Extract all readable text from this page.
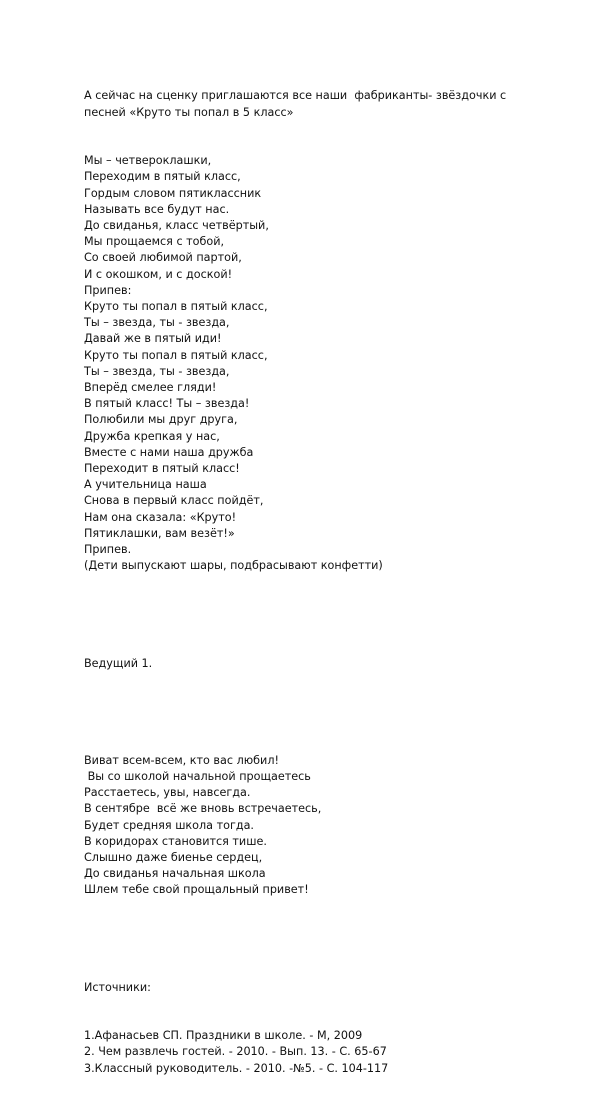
А сейчас на сценку приглашаются все наши  фабриканты- звёздочки с
песней «Круто ты попал в 5 класс»

Мы – четвероклашки,
Переходим в пятый класс,
Гордым словом пятиклассник
Называть все будут нас.
До свиданья, класс четвёртый,
Мы прощаемся с тобой,
Со своей любимой партой,
И с окошком, и с доской!
Припев:
Круто ты попал в пятый класс,
Ты – звезда, ты - звезда,
Давай же в пятый иди!
Круто ты попал в пятый класс,
Ты – звезда, ты - звезда,
Вперёд смелее гляди!
В пятый класс! Ты – звезда!
Полюбили мы друг друга,
Дружба крепкая у нас,
Вместе с нами наша дружба
Переходит в пятый класс!
А учительница наша
Снова в первый класс пойдёт,
Нам она сказала: «Круто!
Пятиклашки, вам везёт!»
Припев.
(Дети выпускают шары, подбрасывают конфетти)

Ведущий 1.

Виват всем-всем, кто вас любил!
Вы со школой начальной прощаетесь
Расстаетесь, увы, навсегда.
В сентябре  всё же вновь встречаетесь,
Будет средняя школа тогда.
В коридорах становится тише.
Слышно даже биенье сердец,
До свиданья начальная школа
Шлем тебе свой прощальный привет!

Источники:

1.Афанасьев СП. Праздники в школе. - М, 2009
2. Чем развлечь гостей. - 2010. - Вып. 13. - С. 65-67
3.Классный руководитель. - 2010. -№5. - С. 104-117
